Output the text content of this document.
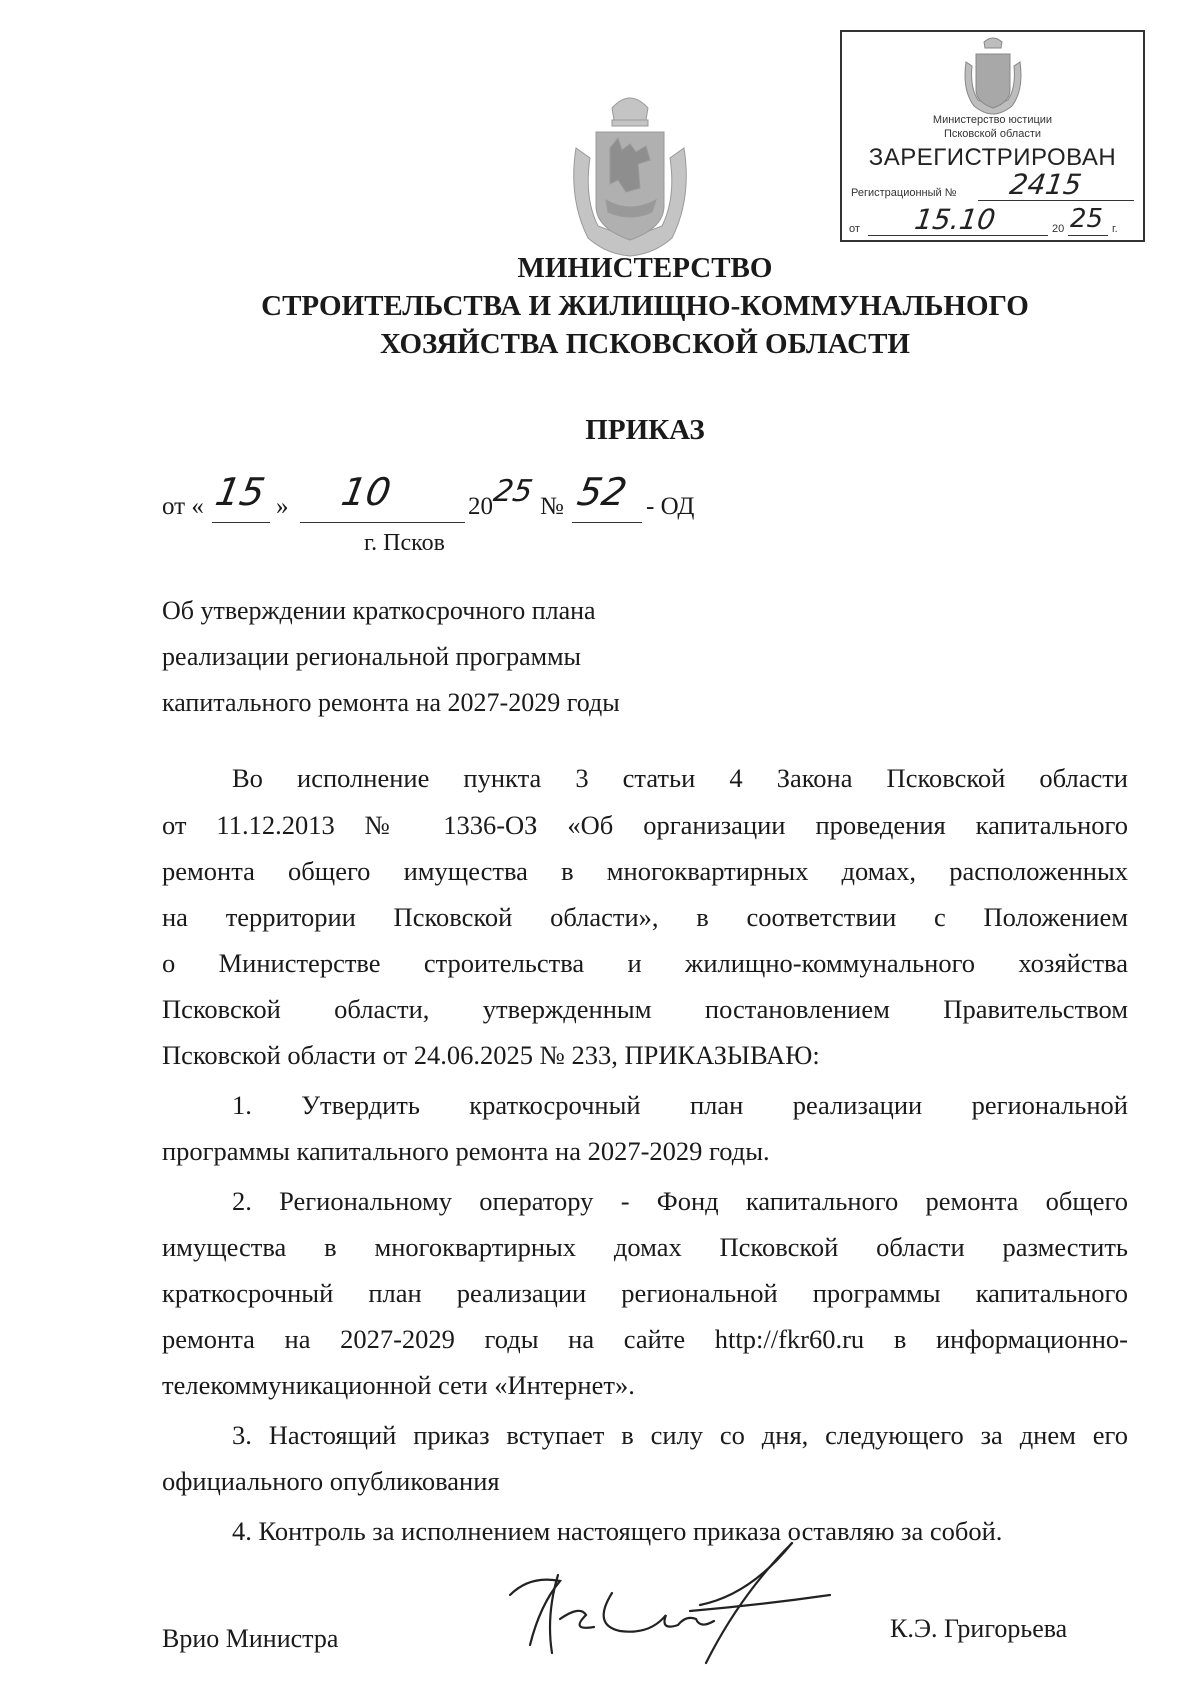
Министерство юстиции
Псковской области
ЗАРЕГИСТРИРОВАН
Регистрационный № 2415
от 15.10	20 25 г.
МИНИСТЕРСТВО
СТРОИТЕЛЬСТВА И ЖИЛИЩНО-КОММУНАЛЬНОГО
ХОЗЯЙСТВА ПСКОВСКОЙ ОБЛАСТИ
ПРИКАЗ
от « 15 » 10	20
25 № 52 - ОД
г. Псков
Об утверждении краткосрочного плана
реализации региональной программы
капитального ремонта на 2027-2029 годы
Во исполнение пункта 3 статьи 4 Закона Псковской области
от 11.12.2013 № 1336-ОЗ «Об организации проведения капитального
ремонта общего имущества в многоквартирных домах, расположенных
на территории Псковской области», в соответствии с Положением
о Министерстве строительства и жилищно-коммунального хозяйства
Псковской области, утвержденным постановлением Правительством
Псковской области от 24.06.2025 № 233, ПРИКАЗЫВАЮ:
1. Утвердить краткосрочный план реализации региональной
программы капитального ремонта на 2027-2029 годы.
2. Региональному оператору - Фонд капитального ремонта общего
имущества в многоквартирных домах Псковской области разместить
краткосрочный план реализации региональной программы капитального
ремонта на 2027-2029 годы на сайте http://fkr60.ru в информационно-
телекоммуникационной сети «Интернет».
3. Настоящий приказ вступает в силу со дня, следующего за днем его
официального опубликования
4. Контроль за исполнением настоящего приказа оставляю за собой.
Врио Министра	К.Э. Григорьева
